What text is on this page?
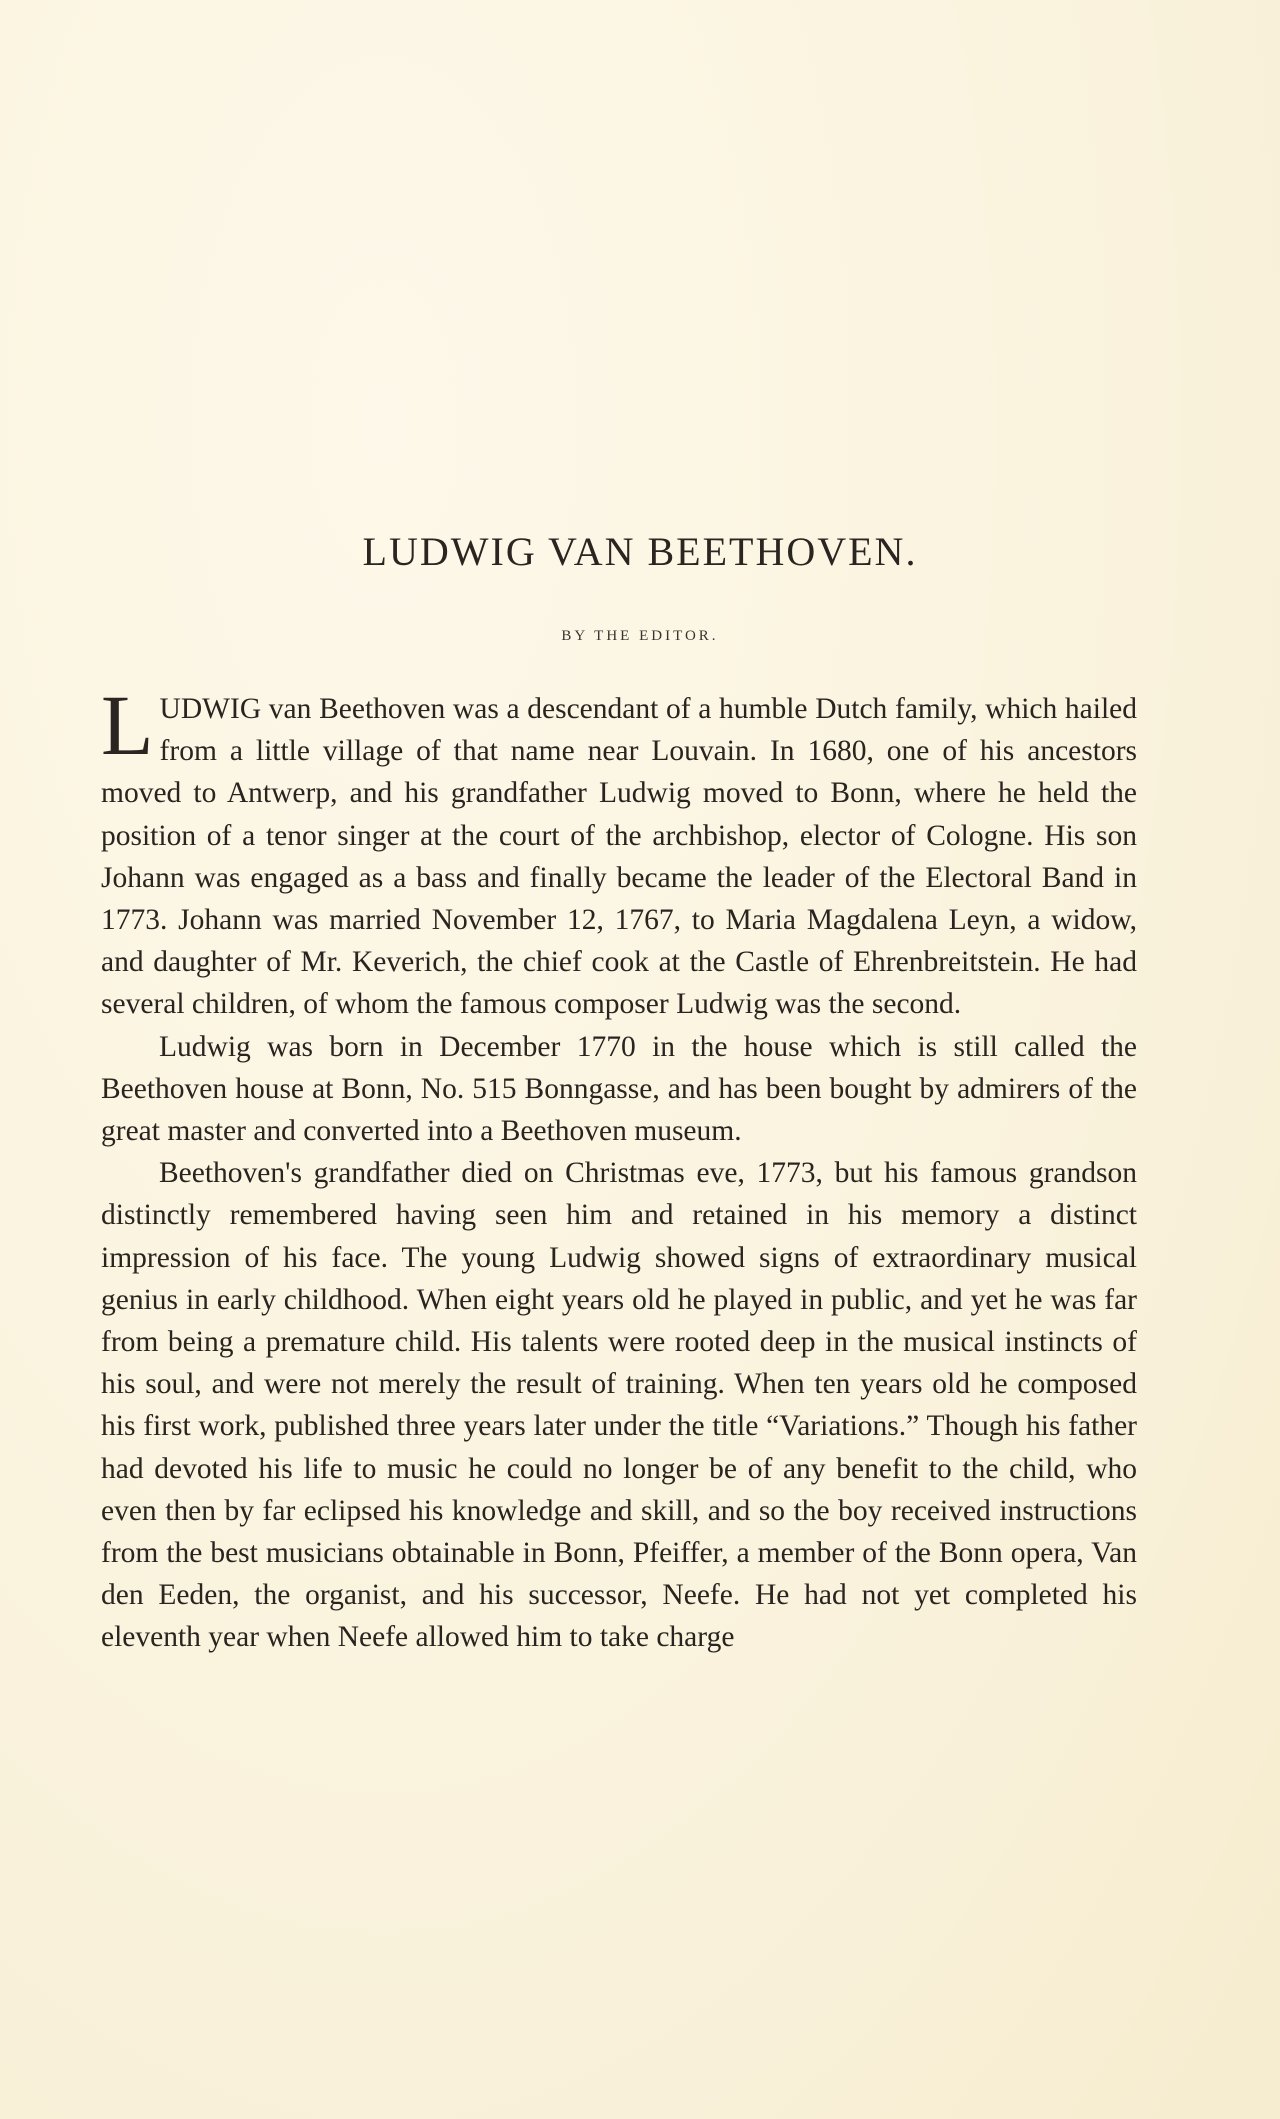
LUDWIG VAN BEETHOVEN.
BY THE EDITOR.

LUDWIG van Beethoven was a descendant of a humble Dutch family, which hailed from a little village of that name near Louvain. In 1680, one of his ancestors moved to Antwerp, and his grandfather Ludwig moved to Bonn, where he held the position of a tenor singer at the court of the archbishop, elector of Cologne. His son Johann was engaged as a bass and finally became the leader of the Electoral Band in 1773. Johann was married November 12, 1767, to Maria Magdalena Leyn, a widow, and daughter of Mr. Keverich, the chief cook at the Castle of Ehrenbreitstein. He had several children, of whom the famous composer Ludwig was the second.

Ludwig was born in December 1770 in the house which is still called the Beethoven house at Bonn, No. 515 Bonngasse, and has been bought by admirers of the great master and converted into a Beethoven museum.

Beethoven's grandfather died on Christmas eve, 1773, but his famous grandson distinctly remembered having seen him and retained in his memory a distinct impression of his face. The young Ludwig showed signs of extraordinary musical genius in early childhood. When eight years old he played in public, and yet he was far from being a premature child. His talents were rooted deep in the musical instincts of his soul, and were not merely the result of training. When ten years old he composed his first work, published three years later under the title “Variations.” Though his father had devoted his life to music he could no longer be of any benefit to the child, who even then by far eclipsed his knowledge and skill, and so the boy received instructions from the best musicians obtainable in Bonn, Pfeiffer, a member of the Bonn opera, Van den Eeden, the organist, and his successor, Neefe. He had not yet completed his eleventh year when Neefe allowed him to take charge
